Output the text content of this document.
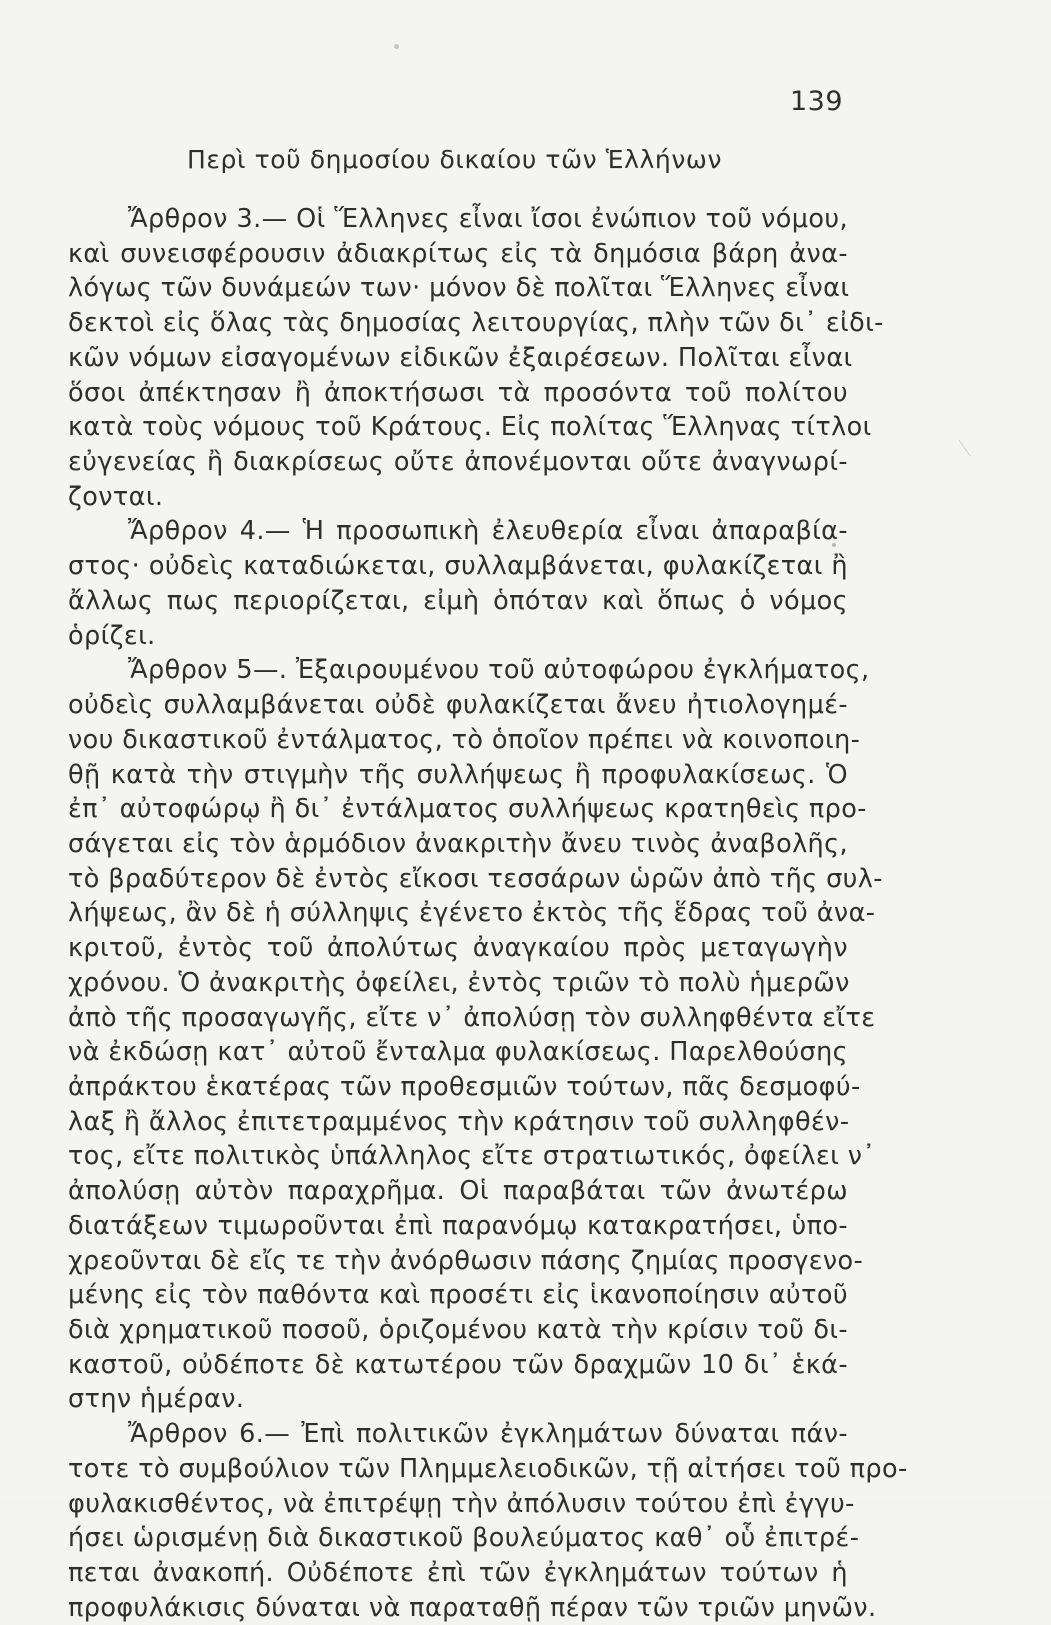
139
Περὶ τοῦ δημοσίου δικαίου τῶν Ἑλλήνων
Ἄρθρον 3.— Οἱ Ἕλληνες εἶναι ἴσοι ἐνώπιον τοῦ νόμου,
καὶ συνεισφέρουσιν ἀδιακρίτως εἰς τὰ δημόσια βάρη ἀνα-
λόγως τῶν δυνάμεών των· μόνον δὲ πολῖται Ἕλληνες εἶναι
δεκτοὶ εἰς ὅλας τὰς δημοσίας λειτουργίας, πλὴν τῶν δι᾽ εἰδι-
κῶν νόμων εἰσαγομένων εἰδικῶν ἐξαιρέσεων. Πολῖται εἶναι
ὅσοι ἀπέκτησαν ἢ ἀποκτήσωσι τὰ προσόντα τοῦ πολίτου
κατὰ τοὺς νόμους τοῦ Κράτους. Εἰς πολίτας Ἕλληνας τίτλοι
εὐγενείας ἢ διακρίσεως οὔτε ἀπονέμονται οὔτε ἀναγνωρί-
ζονται.
Ἄρθρον 4.— Ἡ προσωπικὴ ἐλευθερία εἶναι ἀπαραβία-
στος· οὐδεὶς καταδιώκεται, συλλαμβάνεται, φυλακίζεται ἢ
ἄλλως πως περιορίζεται, εἰμὴ ὁπόταν καὶ ὅπως ὁ νόμος
ὁρίζει.
Ἄρθρον 5—. Ἐξαιρουμένου τοῦ αὐτοφώρου ἐγκλήματος,
οὐδεὶς συλλαμβάνεται οὐδὲ φυλακίζεται ἄνευ ἠτιολογημέ-
νου δικαστικοῦ ἐντάλματος, τὸ ὁποῖον πρέπει νὰ κοινοποιη-
θῇ κατὰ τὴν στιγμὴν τῆς συλλήψεως ἢ προφυλακίσεως. Ὁ
ἐπ᾽ αὐτοφώρῳ ἢ δι᾽ ἐντάλματος συλλήψεως κρατηθεὶς προ-
σάγεται εἰς τὸν ἁρμόδιον ἀνακριτὴν ἄνευ τινὸς ἀναβολῆς,
τὸ βραδύτερον δὲ ἐντὸς εἴκοσι τεσσάρων ὡρῶν ἀπὸ τῆς συλ-
λήψεως, ἂν δὲ ἡ σύλληψις ἐγένετο ἐκτὸς τῆς ἕδρας τοῦ ἀνα-
κριτοῦ, ἐντὸς τοῦ ἀπολύτως ἀναγκαίου πρὸς μεταγωγὴν
χρόνου. Ὁ ἀνακριτὴς ὀφείλει, ἐντὸς τριῶν τὸ πολὺ ἡμερῶν
ἀπὸ τῆς προσαγωγῆς, εἴτε ν᾽ ἀπολύσῃ τὸν συλληφθέντα εἴτε
νὰ ἐκδώσῃ κατ᾽ αὐτοῦ ἔνταλμα φυλακίσεως. Παρελθούσης
ἀπράκτου ἑκατέρας τῶν προθεσμιῶν τούτων, πᾶς δεσμοφύ-
λαξ ἢ ἄλλος ἐπιτετραμμένος τὴν κράτησιν τοῦ συλληφθέν-
τος, εἴτε πολιτικὸς ὑπάλληλος εἴτε στρατιωτικός, ὀφείλει ν᾽
ἀπολύσῃ αὐτὸν παραχρῆμα. Οἱ παραβάται τῶν ἀνωτέρω
διατάξεων τιμωροῦνται ἐπὶ παρανόμῳ κατακρατήσει, ὑπο-
χρεοῦνται δὲ εἴς τε τὴν ἀνόρθωσιν πάσης ζημίας προσγενο-
μένης εἰς τὸν παθόντα καὶ προσέτι εἰς ἱκανοποίησιν αὐτοῦ
διὰ χρηματικοῦ ποσοῦ, ὁριζομένου κατὰ τὴν κρίσιν τοῦ δι-
καστοῦ, οὐδέποτε δὲ κατωτέρου τῶν δραχμῶν 10 δι᾽ ἑκά-
στην ἡμέραν.
Ἄρθρον 6.— Ἐπὶ πολιτικῶν ἐγκλημάτων δύναται πάν-
τοτε τὸ συμβούλιον τῶν Πλημμελειοδικῶν, τῇ αἰτήσει τοῦ προ-
φυλακισθέντος, νὰ ἐπιτρέψῃ τὴν ἀπόλυσιν τούτου ἐπὶ ἐγγυ-
ήσει ὡρισμένῃ διὰ δικαστικοῦ βουλεύματος καθ᾽ οὗ ἐπιτρέ-
πεται ἀνακοπή. Οὐδέποτε ἐπὶ τῶν ἐγκλημάτων τούτων ἡ
προφυλάκισις δύναται νὰ παραταθῇ πέραν τῶν τριῶν μηνῶν.
